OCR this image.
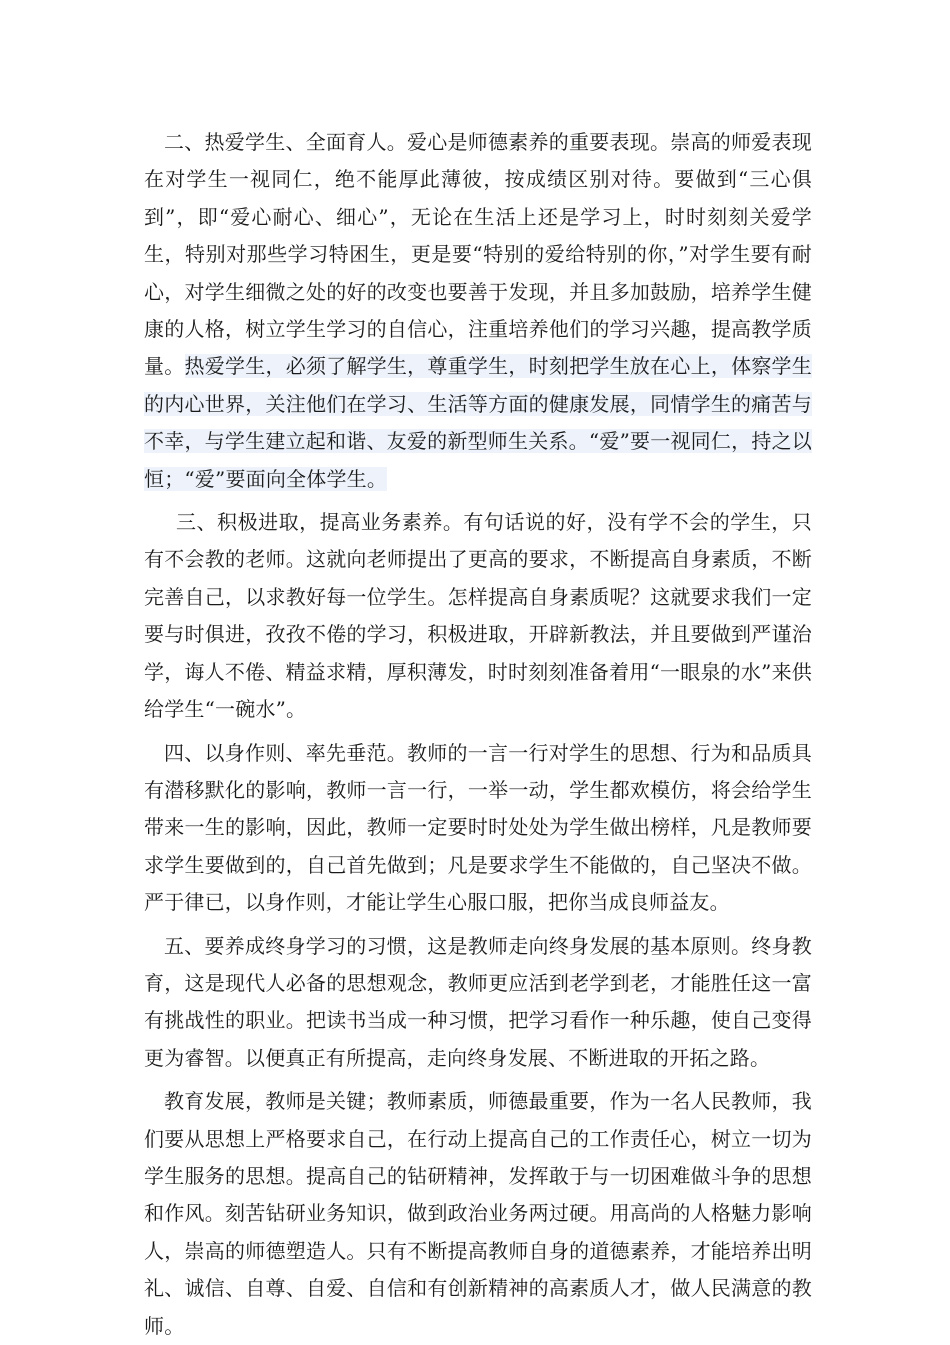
二、热爱学生、全面育人。爱心是师德素养的重要表现。崇高的师爱表现在对学生一视同仁，绝不能厚此薄彼，按成绩区别对待。要做到“三心俱到”，即“爱心耐心、细心”，无论在生活上还是学习上，时时刻刻关爱学生，特别对那些学习特困生，更是要“特别的爱给特别的你，”对学生要有耐心，对学生细微之处的好的改变也要善于发现，并且多加鼓励，培养学生健康的人格，树立学生学习的自信心，注重培养他们的学习兴趣，提高教学质量。热爱学生，必须了解学生，尊重学生，时刻把学生放在心上，体察学生的内心世界，关注他们在学习、生活等方面的健康发展，同情学生的痛苦与不幸，与学生建立起和谐、友爱的新型师生关系。“爱”要一视同仁，持之以恒；“爱”要面向全体学生。

三、积极进取，提高业务素养。有句话说的好，没有学不会的学生，只有不会教的老师。这就向老师提出了更高的要求，不断提高自身素质，不断完善自己，以求教好每一位学生。怎样提高自身素质呢？这就要求我们一定要与时俱进，孜孜不倦的学习，积极进取，开辟新教法，并且要做到严谨治学，诲人不倦、精益求精，厚积薄发，时时刻刻准备着用“一眼泉的水”来供给学生“一碗水”。

四、以身作则、率先垂范。教师的一言一行对学生的思想、行为和品质具有潜移默化的影响，教师一言一行，一举一动，学生都欢模仿，将会给学生带来一生的影响，因此，教师一定要时时处处为学生做出榜样，凡是教师要求学生要做到的，自己首先做到；凡是要求学生不能做的，自己坚决不做。严于律已，以身作则，才能让学生心服口服，把你当成良师益友。

五、要养成终身学习的习惯，这是教师走向终身发展的基本原则。终身教育，这是现代人必备的思想观念，教师更应活到老学到老，才能胜任这一富有挑战性的职业。把读书当成一种习惯，把学习看作一种乐趣，使自己变得更为睿智。以便真正有所提高，走向终身发展、不断进取的开拓之路。

教育发展，教师是关键；教师素质，师德最重要，作为一名人民教师，我们要从思想上严格要求自己，在行动上提高自己的工作责任心，树立一切为学生服务的思想。提高自己的钻研精神，发挥敢于与一切困难做斗争的思想和作风。刻苦钻研业务知识，做到政治业务两过硬。用高尚的人格魅力影响人，崇高的师德塑造人。只有不断提高教师自身的道德素养，才能培养出明礼、诚信、自尊、自爱、自信和有创新精神的高素质人才，做人民满意的教师。
